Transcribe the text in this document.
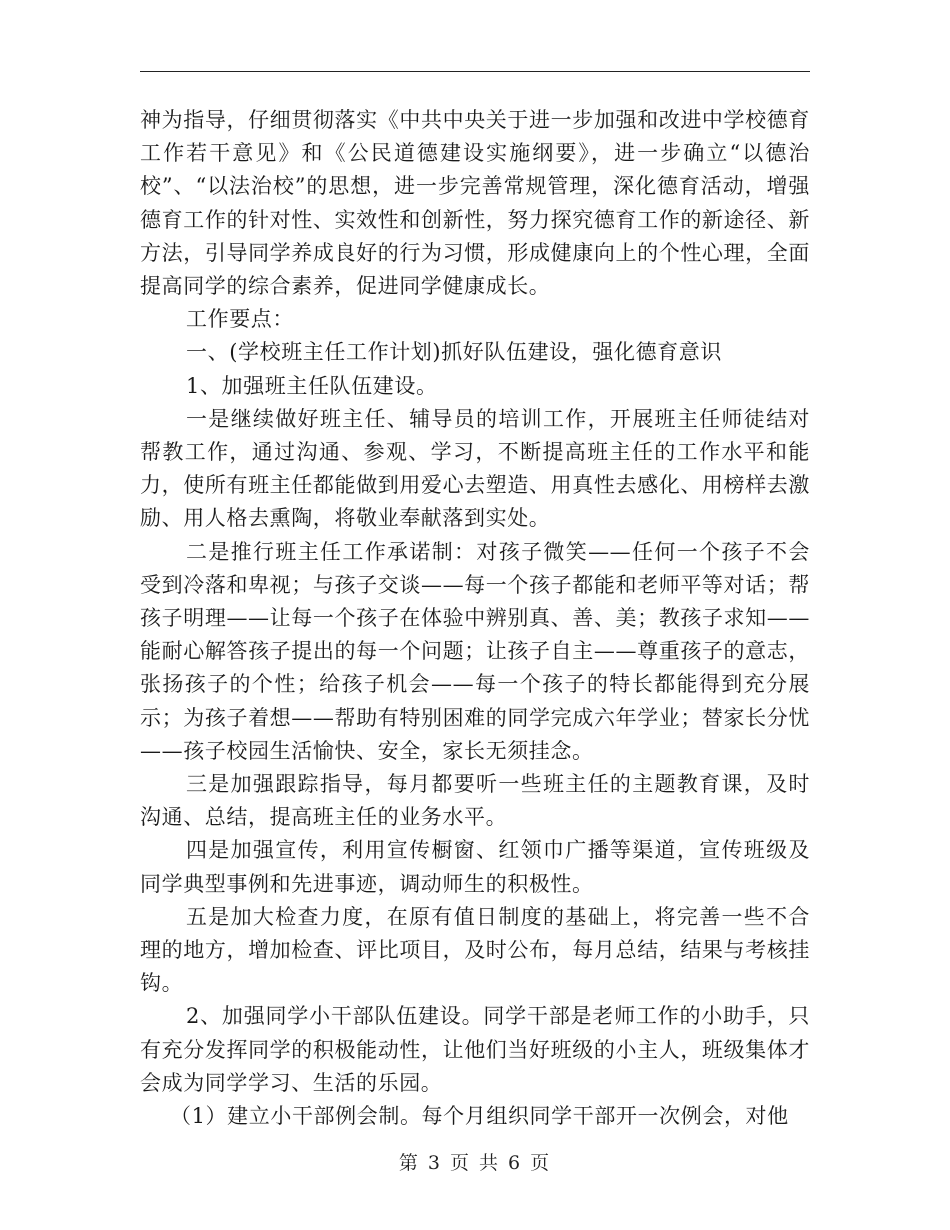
神为指导，仔细贯彻落实《中共中央关于进一步加强和改进中学校德育工作若干意见》和《公民道德建设实施纲要》，进一步确立“以德治校”、“以法治校”的思想，进一步完善常规管理，深化德育活动，增强德育工作的针对性、实效性和创新性，努力探究德育工作的新途径、新方法，引导同学养成良好的行为习惯，形成健康向上的个性心理，全面提高同学的综合素养，促进同学健康成长。

工作要点：

一、(学校班主任工作计划)抓好队伍建设，强化德育意识

1、加强班主任队伍建设。

一是继续做好班主任、辅导员的培训工作，开展班主任师徒结对帮教工作，通过沟通、参观、学习，不断提高班主任的工作水平和能力，使所有班主任都能做到用爱心去塑造、用真性去感化、用榜样去激励、用人格去熏陶，将敬业奉献落到实处。

二是推行班主任工作承诺制：对孩子微笑——任何一个孩子不会受到冷落和卑视；与孩子交谈——每一个孩子都能和老师平等对话；帮孩子明理——让每一个孩子在体验中辨别真、善、美；教孩子求知——能耐心解答孩子提出的每一个问题；让孩子自主——尊重孩子的意志，张扬孩子的个性；给孩子机会——每一个孩子的特长都能得到充分展示；为孩子着想——帮助有特别困难的同学完成六年学业；替家长分忧——孩子校园生活愉快、安全，家长无须挂念。

三是加强跟踪指导，每月都要听一些班主任的主题教育课，及时沟通、总结，提高班主任的业务水平。

四是加强宣传，利用宣传橱窗、红领巾广播等渠道，宣传班级及同学典型事例和先进事迹，调动师生的积极性。

五是加大检查力度，在原有值日制度的基础上，将完善一些不合理的地方，增加检查、评比项目，及时公布，每月总结，结果与考核挂钩。

2、加强同学小干部队伍建设。同学干部是老师工作的小助手，只有充分发挥同学的积极能动性，让他们当好班级的小主人，班级集体才会成为同学学习、生活的乐园。

（1）建立小干部例会制。每个月组织同学干部开一次例会，对他

第 3 页 共 6 页
